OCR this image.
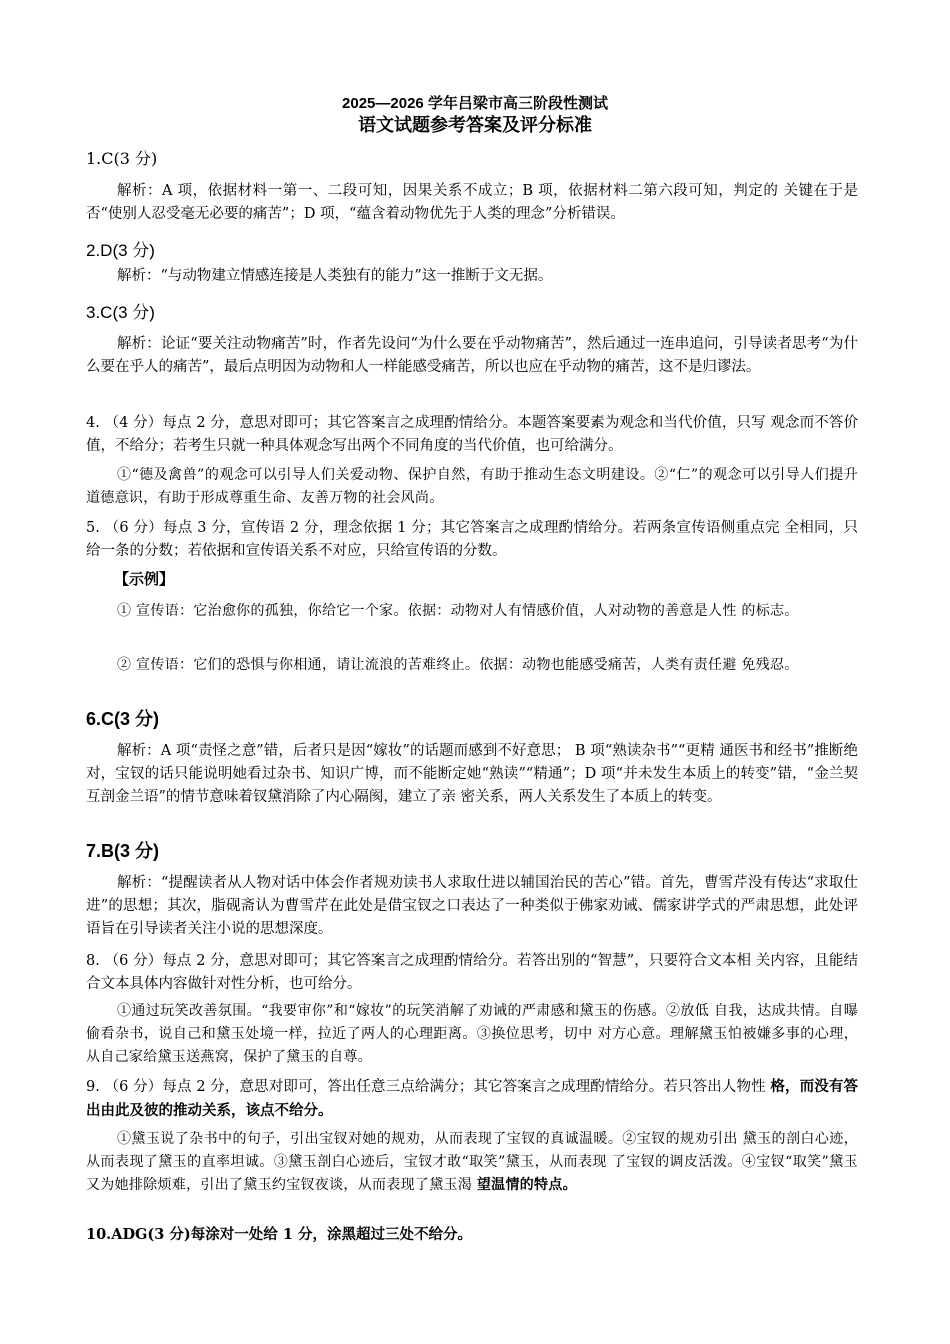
2025—2026 学年吕梁市高三阶段性测试
语文试题参考答案及评分标准
1.C(3 分)
解析：A 项，依据材料一第一、二段可知，因果关系不成立；B 项，依据材料二第六段可知，判定的 关键在于是否“使别人忍受毫无必要的痛苦”；D 项，“蕴含着动物优先于人类的理念”分析错误。
2.D(3 分)
解析：“与动物建立情感连接是人类独有的能力”这一推断于文无据。
3.C(3 分)
解析：论证“要关注动物痛苦”时，作者先设问“为什么要在乎动物痛苦”，然后通过一连串追问，引导读者思考“为什么要在乎人的痛苦”，最后点明因为动物和人一样能感受痛苦，所以也应在乎动物的痛苦，这不是归谬法。
4. （4 分）每点 2 分，意思对即可；其它答案言之成理酌情给分。本题答案要素为观念和当代价值，只写 观念而不答价值，不给分；若考生只就一种具体观念写出两个不同角度的当代价值，也可给满分。
①“德及禽兽”的观念可以引导人们关爱动物、保护自然，有助于推动生态文明建设。②“仁”的观念可以引导人们提升道德意识，有助于形成尊重生命、友善万物的社会风尚。
5. （6 分）每点 3 分，宣传语 2 分，理念依据 1 分；其它答案言之成理酌情给分。若两条宣传语侧重点完 全相同，只给一条的分数；若依据和宣传语关系不对应，只给宣传语的分数。
【示例】
① 宣传语：它治愈你的孤独，你给它一个家。依据：动物对人有情感价值，人对动物的善意是人性 的标志。
② 宣传语：它们的恐惧与你相通，请让流浪的苦难终止。依据：动物也能感受痛苦，人类有责任避 免残忍。
6.C(3 分)
解析：A 项“责怪之意”错，后者只是因“嫁妆”的话题而感到不好意思； B 项“熟读杂书”“更精 通医书和经书”推断绝对，宝钗的话只能说明她看过杂书、知识广博，而不能断定她“熟读”“精通”；D 项“并未发生本质上的转变”错，“金兰契互剖金兰语”的情节意味着钗黛消除了内心隔阂，建立了亲 密关系，两人关系发生了本质上的转变。
7.B(3 分)
解析：“提醒读者从人物对话中体会作者规劝读书人求取仕进以辅国治民的苦心”错。首先，曹雪芹没有传达“求取仕进”的思想；其次，脂砚斋认为曹雪芹在此处是借宝钗之口表达了一种类似于佛家劝诫、儒家讲学式的严肃思想，此处评语旨在引导读者关注小说的思想深度。
8. （6 分）每点 2 分，意思对即可；其它答案言之成理酌情给分。若答出别的“智慧”，只要符合文本相 关内容，且能结合文本具体内容做针对性分析，也可给分。
①通过玩笑改善氛围。“我要审你”和“嫁妆”的玩笑消解了劝诫的严肃感和黛玉的伤感。②放低 自我，达成共情。自曝偷看杂书，说自己和黛玉处境一样，拉近了两人的心理距离。③换位思考，切中 对方心意。理解黛玉怕被嫌多事的心理，从自己家给黛玉送燕窝，保护了黛玉的自尊。
9. （6 分）每点 2 分，意思对即可，答出任意三点给满分；其它答案言之成理酌情给分。若只答出人物性 格，而没有答出由此及彼的推动关系，该点不给分。
①黛玉说了杂书中的句子，引出宝钗对她的规劝，从而表现了宝钗的真诚温暖。②宝钗的规劝引出 黛玉的剖白心迹，从而表现了黛玉的直率坦诚。③黛玉剖白心迹后，宝钗才敢“取笑”黛玉，从而表现 了宝钗的调皮活泼。④宝钗“取笑”黛玉又为她排除烦难，引出了黛玉约宝钗夜谈，从而表现了黛玉渴 望温情的特点。
10.ADG(3 分)每涂对一处给 1 分，涂黑超过三处不给分。
